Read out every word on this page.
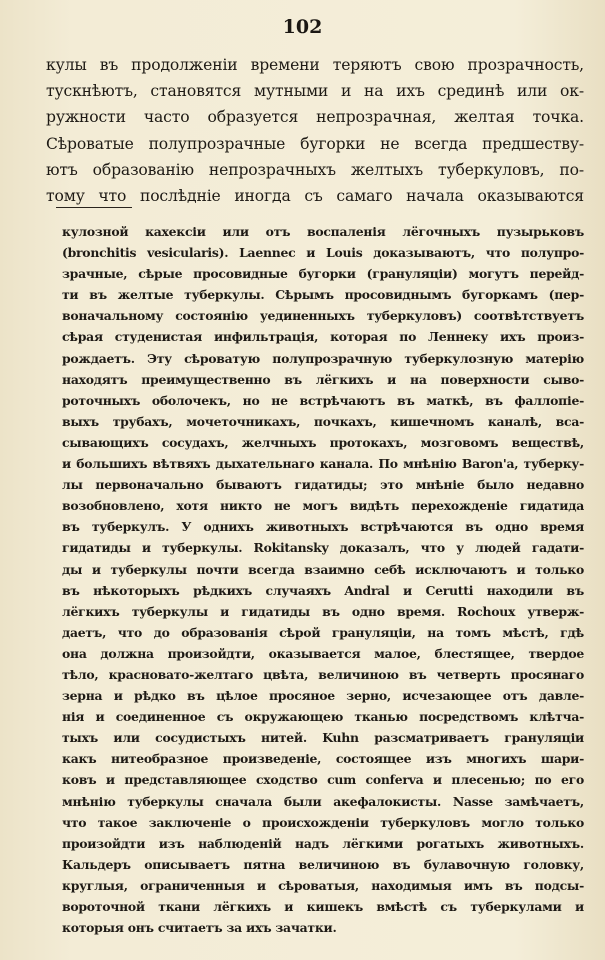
102
кулы въ продолженіи времени теряютъ свою прозрачность,
тускнѣютъ, становятся мутными и на ихъ срединѣ или ок-
ружности часто образуется непрозрачная, желтая точка.
Сѣроватые полупрозрачные бугорки не всегда предшеству-
ютъ образованію непрозрачныхъ желтыхъ туберкуловъ, по-
тому что послѣдніе иногда съ самаго начала оказываются
кулозной кахексіи или отъ воспаленія лёгочныхъ пузырьковъ
(bronchitis vesicularis). Laennec и Louis доказываютъ, что полупро-
зрачные, сѣрые просовидные бугорки (грануляціи) могутъ перейд-
ти въ желтые туберкулы. Сѣрымъ просовиднымъ бугоркамъ (пер-
воначальному состоянію уединенныхъ туберкуловъ) соотвѣтствуетъ
сѣрая студенистая инфильтрація, которая по Леннеку ихъ произ-
рождаетъ. Эту сѣроватую полупрозрачную туберкулозную матерію
находятъ преимущественно въ лёгкихъ и на поверхности сыво-
роточныхъ оболочекъ, но не встрѣчаютъ въ маткѣ, въ фаллопіе-
выхъ трубахъ, мочеточникахъ, почкахъ, кишечномъ каналѣ, вса-
сывающихъ сосудахъ, желчныхъ протокахъ, мозговомъ веществѣ,
и большихъ вѣтвяхъ дыхательнаго канала. По мнѣнію Baron'a, туберку-
лы первоначально бываютъ гидатиды; это мнѣніе было недавно
возобновлено, хотя никто не могъ видѣть перехожденіе гидатида
въ туберкулъ. У однихъ животныхъ встрѣчаются въ одно время
гидатиды и туберкулы. Rokitansky доказалъ, что у людей гадати-
ды и туберкулы почти всегда взаимно себѣ исключаютъ и только
въ нѣкоторыхъ рѣдкихъ случаяхъ Andral и Cerutti находили въ
лёгкихъ туберкулы и гидатиды въ одно время. Rochoux утверж-
даетъ, что до образованія сѣрой грануляціи, на томъ мѣстѣ, гдѣ
она должна произойдти, оказывается малое, блестящее, твердое
тѣло, красновато-желтаго цвѣта, величиною въ четверть просянаго
зерна и рѣдко въ цѣлое просяное зерно, исчезающее отъ давле-
нія и соединенное съ окружающею тканью посредствомъ клѣтча-
тыхъ или сосудистыхъ нитей. Kuhn разсматриваетъ грануляціи
какъ нитеобразное произведеніе, состоящее изъ многихъ шари-
ковъ и представляющее сходство cum conferva и плесенью; по его
мнѣнію туберкулы сначала были акефалокисты. Nasse замѣчаетъ,
что такое заключеніе о происхожденіи туберкуловъ могло только
произойдти изъ наблюденій надъ лёгкими рогатыхъ животныхъ.
Кальдеръ описываетъ пятна величиною въ булавочную головку,
круглыя, ограниченныя и сѣроватыя, находимыя имъ въ подсы-
вороточной ткани лёгкихъ и кишекъ вмѣстѣ съ туберкулами и
которыя онъ считаетъ за ихъ зачатки.
